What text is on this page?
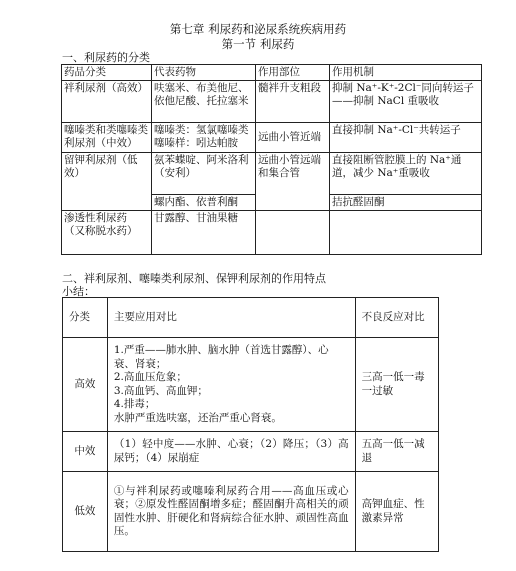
第七章 利尿药和泌尿系统疾病用药
第一节 利尿药
一、利尿药的分类
药品分类	代表药物	作用部位	作用机制
袢利尿剂（高效）	呋塞米、布美他尼、依他尼酸、托拉塞米	髓袢升支粗段	抑制 Na⁺-K⁺-2Cl⁻同向转运子——抑制 NaCl 重吸收
噻嗪类和类噻嗪类利尿剂（中效）	噻嗪类：氢氯噻嗪类噻嗪样：吲达帕胺	远曲小管近端	直接抑制 Na⁺-Cl⁻共转运子
留钾利尿剂（低效）	氨苯蝶啶、阿米洛利（安利）	远曲小管远端和集合管	直接阻断管腔膜上的 Na⁺通道，减少 Na⁺重吸收
	螺内酯、依普利酮		拮抗醛固酮
渗透性利尿药 （又称脱水药）	甘露醇、甘油果糖		
二、袢利尿剂、噻嗪类利尿剂、保钾利尿剂的作用特点
小结：
分类	主要应用对比	不良反应对比
高效	1.严重——肺水肿、脑水肿（首选甘露醇）、心衰、肾衰；
2.高血压危象；
3.高血钙、高血钾；
4.排毒；
水肿严重选呋塞，还治严重心肾衰。	三高一低一毒一过敏
中效	（1）轻中度——水肿、心衰；（2）降压；（3）高尿钙；（4）尿崩症	五高一低一减退
低效	①与袢利尿药或噻嗪利尿药合用——高血压或心衰；②原发性醛固酮增多症；醛固酮升高相关的顽固性水肿、肝硬化和肾病综合征水肿、顽固性高血压。	高钾血症、性激素异常
